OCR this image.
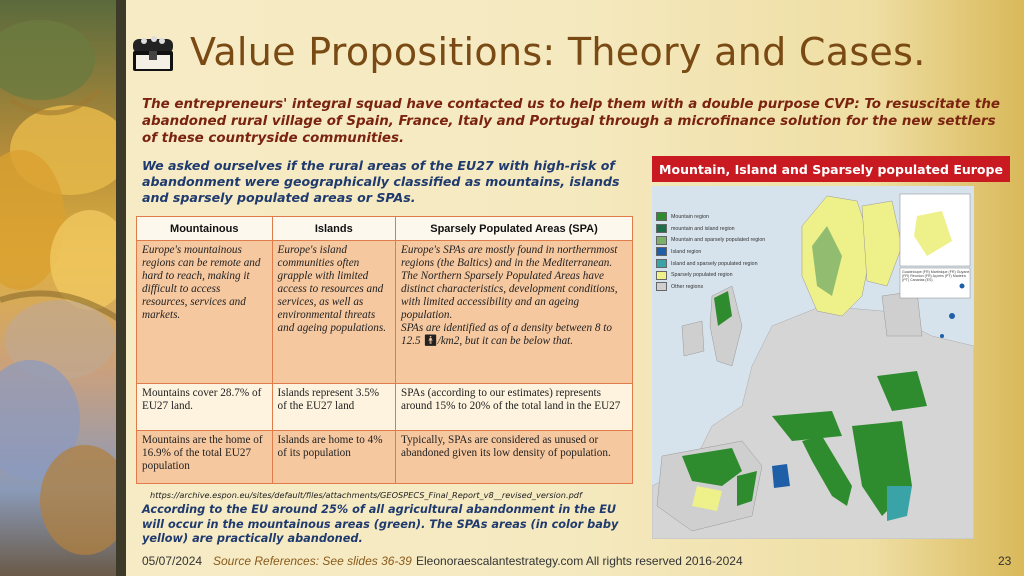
Value Propositions: Theory and Cases.
The entrepreneurs' integral squad have contacted us to help them with a double purpose CVP: To resuscitate the abandoned rural village of Spain, France, Italy and Portugal through a microfinance solution for the new settlers of these countryside communities.
We asked ourselves if the rural areas of the EU27 with high-risk of abandonment were geographically classified as mountains, islands and sparsely populated areas or SPAs.
Mountainous	Islands	Sparsely Populated Areas (SPA)
Europe's mountainous regions can be remote and hard to reach, making it difficult to access resources, services and markets.	Europe's island communities often grapple with limited access to resources and services, as well as environmental threats and ageing populations.	Europe's SPAs are mostly found in northernmost regions (the Baltics) and in the Mediterranean. The Northern Sparsely Populated Areas have distinct characteristics, development conditions, with limited accessibility and an ageing population.
SPAs are identified as of a density between 8 to 12.5 🚹︎/km2, but it can be below that.
Mountains cover 28.7% of EU27 land.	Islands represent 3.5% of the EU27 land	SPAs (according to our estimates) represents around 15% to 20% of the total land in the EU27
Mountains are the home of 16.9% of the total EU27 population	Islands are home to 4% of its population	Typically, SPAs are considered as unused or abandoned given its low density of population.
https://archive.espon.eu/sites/default/files/attachments/GEOSPECS_Final_Report_v8__revised_version.pdf
According to the EU around 25% of all agricultural abandonment in the EU will occur in the mountainous areas (green). The SPAs areas (in color baby yellow) are practically abandoned.
05/07/2024 Source References: See slides 36-39 Eleonoraescalantestrategy.com All rights reserved 2016-2024	23
Mountain, Island and Sparsely populated Europe
Mountain region
mountain and island region
Mountain and sparsely populated region
Island region
Island and sparsely populated region
Sparsely populated region
Other regions
Guadeloupe (FR) Martinique (FR) Guyane (FR) Réunion (FR) Açores (PT) Madeira (PT) Canarias (ES)
